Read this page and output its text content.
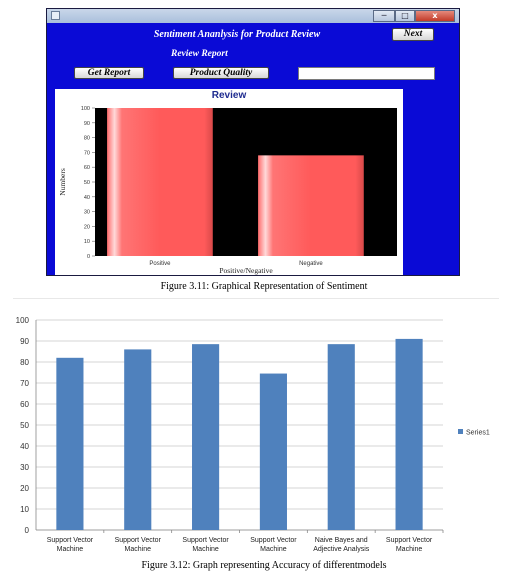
─	□	x
Sentiment Ananlysis for Product Review	Next
Review Report
Get Report	Product Quality
Review
0
10
20
30
40
50
60
70
80
90
100
Positive	Negative
Positive/Negative
Numbers
Figure 3.11: Graphical Representation of Sentiment
0
10
20
30
40
50
60
70
80
90
100
Support Vector Machine
Support Vector Machine
Support Vector Machine
Support Vector Machine
Naive Bayes and Adjective Analysis
Support Vector Machine
Series1
Figure 3.12: Graph representing Accuracy of differentmodels
